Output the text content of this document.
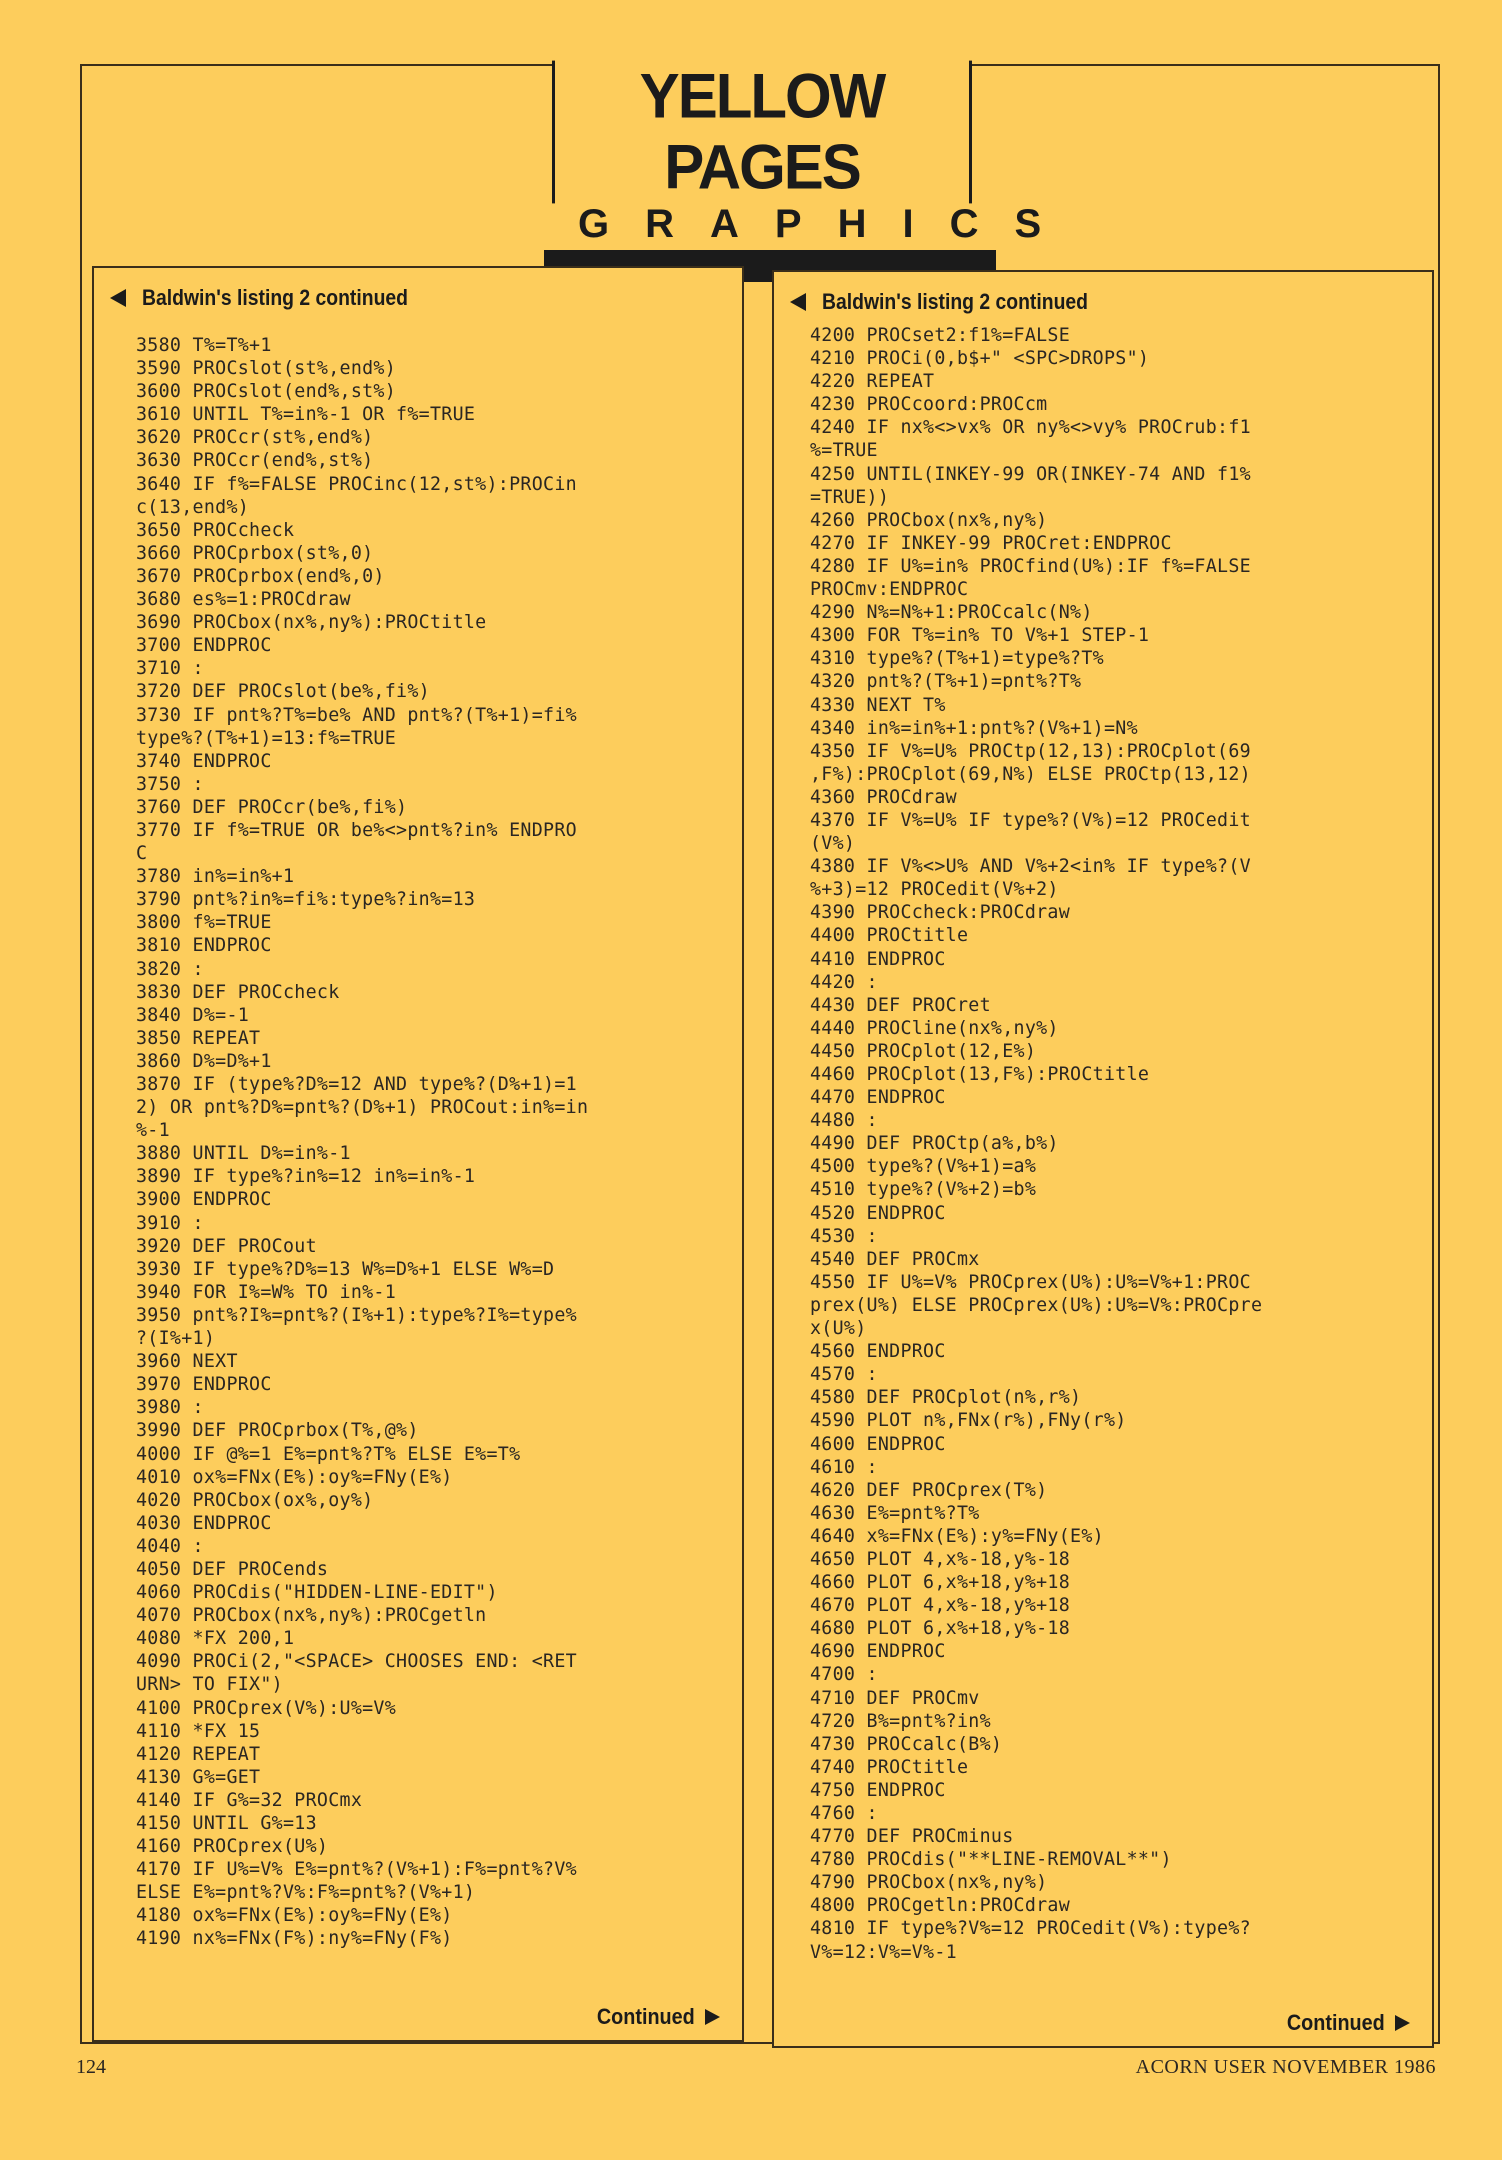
YELLOW PAGES
GRAPHICS
Baldwin's listing 2 continued
3580 T%=T%+1
3590 PROCslot(st%,end%)
3600 PROCslot(end%,st%)
3610 UNTIL T%=in%-1 OR f%=TRUE
3620 PROCcr(st%,end%)
3630 PROCcr(end%,st%)
3640 IF f%=FALSE PROCinc(12,st%):PROCin
c(13,end%)
3650 PROCcheck
3660 PROCprbox(st%,0)
3670 PROCprbox(end%,0)
3680 es%=1:PROCdraw
3690 PROCbox(nx%,ny%):PROCtitle
3700 ENDPROC
3710 :
3720 DEF PROCslot(be%,fi%)
3730 IF pnt%?T%=be% AND pnt%?(T%+1)=fi%
type%?(T%+1)=13:f%=TRUE
3740 ENDPROC
3750 :
3760 DEF PROCcr(be%,fi%)
3770 IF f%=TRUE OR be%<>pnt%?in% ENDPRO
C
3780 in%=in%+1
3790 pnt%?in%=fi%:type%?in%=13
3800 f%=TRUE
3810 ENDPROC
3820 :
3830 DEF PROCcheck
3840 D%=-1
3850 REPEAT
3860 D%=D%+1
3870 IF (type%?D%=12 AND type%?(D%+1)=1
2) OR pnt%?D%=pnt%?(D%+1) PROCout:in%=in
%-1
3880 UNTIL D%=in%-1
3890 IF type%?in%=12 in%=in%-1
3900 ENDPROC
3910 :
3920 DEF PROCout
3930 IF type%?D%=13 W%=D%+1 ELSE W%=D
3940 FOR I%=W% TO in%-1
3950 pnt%?I%=pnt%?(I%+1):type%?I%=type%
?(I%+1)
3960 NEXT
3970 ENDPROC
3980 :
3990 DEF PROCprbox(T%,@%)
4000 IF @%=1 E%=pnt%?T% ELSE E%=T%
4010 ox%=FNx(E%):oy%=FNy(E%)
4020 PROCbox(ox%,oy%)
4030 ENDPROC
4040 :
4050 DEF PROCends
4060 PROCdis("HIDDEN-LINE-EDIT")
4070 PROCbox(nx%,ny%):PROCgetln
4080 *FX 200,1
4090 PROCi(2,"<SPACE> CHOOSES END: <RET
URN> TO FIX")
4100 PROCprex(V%):U%=V%
4110 *FX 15
4120 REPEAT
4130 G%=GET
4140 IF G%=32 PROCmx
4150 UNTIL G%=13
4160 PROCprex(U%)
4170 IF U%=V% E%=pnt%?(V%+1):F%=pnt%?V%
ELSE E%=pnt%?V%:F%=pnt%?(V%+1)
4180 ox%=FNx(E%):oy%=FNy(E%)
4190 nx%=FNx(F%):ny%=FNy(F%)
Continued
Baldwin's listing 2 continued
4200 PROCset2:f1%=FALSE
4210 PROCi(0,b$+" <SPC>DROPS")
4220 REPEAT
4230 PROCcoord:PROCcm
4240 IF nx%<>vx% OR ny%<>vy% PROCrub:f1
%=TRUE
4250 UNTIL(INKEY-99 OR(INKEY-74 AND f1%
=TRUE))
4260 PROCbox(nx%,ny%)
4270 IF INKEY-99 PROCret:ENDPROC
4280 IF U%=in% PROCfind(U%):IF f%=FALSE
PROCmv:ENDPROC
4290 N%=N%+1:PROCcalc(N%)
4300 FOR T%=in% TO V%+1 STEP-1
4310 type%?(T%+1)=type%?T%
4320 pnt%?(T%+1)=pnt%?T%
4330 NEXT T%
4340 in%=in%+1:pnt%?(V%+1)=N%
4350 IF V%=U% PROCtp(12,13):PROCplot(69
,F%):PROCplot(69,N%) ELSE PROCtp(13,12)
4360 PROCdraw
4370 IF V%=U% IF type%?(V%)=12 PROCedit
(V%)
4380 IF V%<>U% AND V%+2<in% IF type%?(V
%+3)=12 PROCedit(V%+2)
4390 PROCcheck:PROCdraw
4400 PROCtitle
4410 ENDPROC
4420 :
4430 DEF PROCret
4440 PROCline(nx%,ny%)
4450 PROCplot(12,E%)
4460 PROCplot(13,F%):PROCtitle
4470 ENDPROC
4480 :
4490 DEF PROCtp(a%,b%)
4500 type%?(V%+1)=a%
4510 type%?(V%+2)=b%
4520 ENDPROC
4530 :
4540 DEF PROCmx
4550 IF U%=V% PROCprex(U%):U%=V%+1:PROC
prex(U%) ELSE PROCprex(U%):U%=V%:PROCpre
x(U%)
4560 ENDPROC
4570 :
4580 DEF PROCplot(n%,r%)
4590 PLOT n%,FNx(r%),FNy(r%)
4600 ENDPROC
4610 :
4620 DEF PROCprex(T%)
4630 E%=pnt%?T%
4640 x%=FNx(E%):y%=FNy(E%)
4650 PLOT 4,x%-18,y%-18
4660 PLOT 6,x%+18,y%+18
4670 PLOT 4,x%-18,y%+18
4680 PLOT 6,x%+18,y%-18
4690 ENDPROC
4700 :
4710 DEF PROCmv
4720 B%=pnt%?in%
4730 PROCcalc(B%)
4740 PROCtitle
4750 ENDPROC
4760 :
4770 DEF PROCminus
4780 PROCdis("**LINE-REMOVAL**")
4790 PROCbox(nx%,ny%)
4800 PROCgetln:PROCdraw
4810 IF type%?V%=12 PROCedit(V%):type%?
V%=12:V%=V%-1
Continued
124	ACORN USER NOVEMBER 1986
